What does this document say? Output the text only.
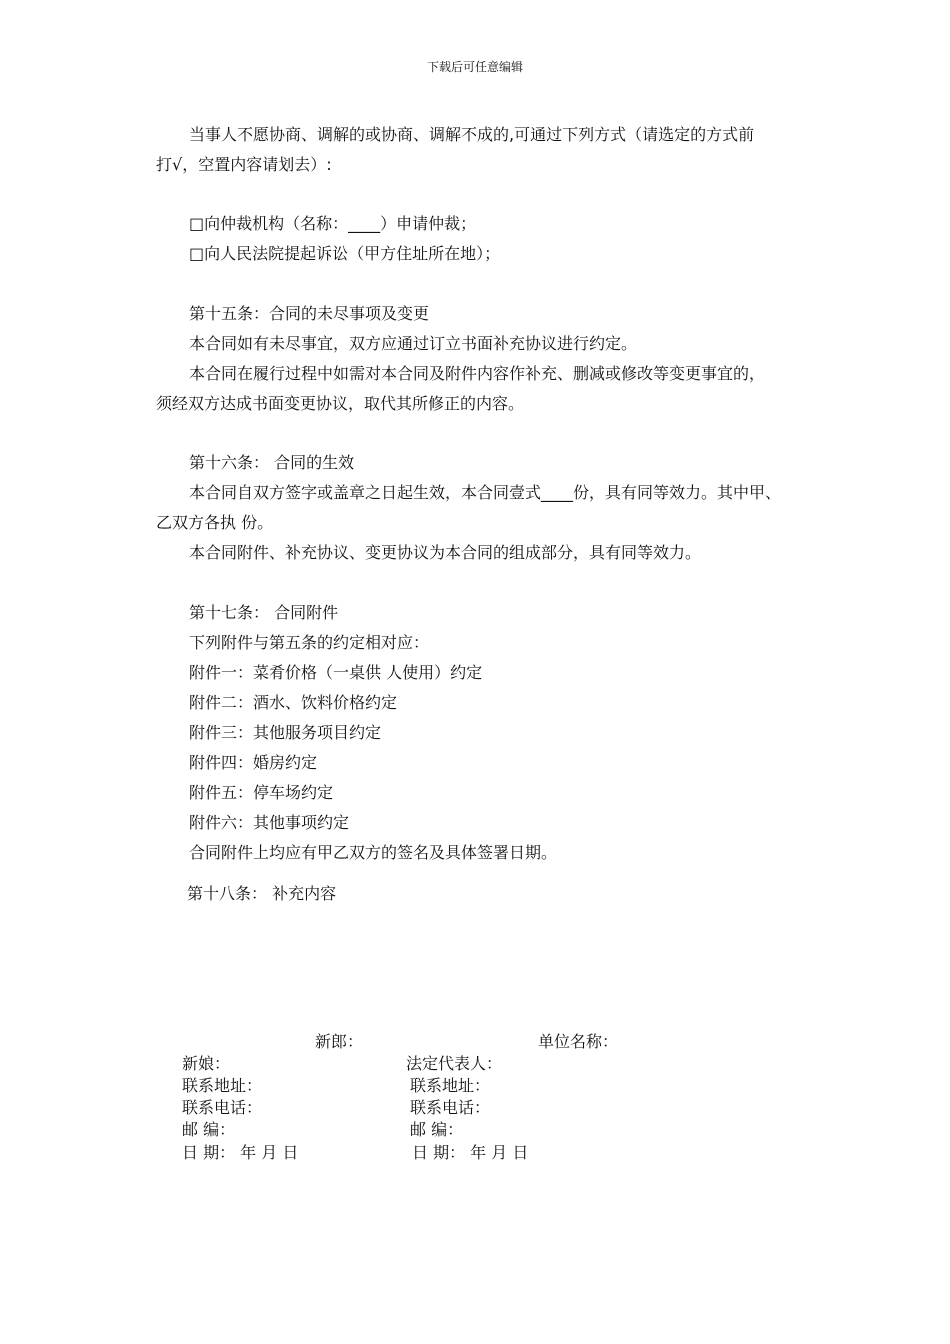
下载后可任意编辑
当事人不愿协商、调解的或协商、调解不成的,可通过下列方式（请选定的方式前
打√，空置内容请划去）:
□向仲裁机构（名称：____）申请仲裁；
□向人民法院提起诉讼（甲方住址所在地）；
第十五条：合同的未尽事项及变更
本合同如有未尽事宜，双方应通过订立书面补充协议进行约定。
本合同在履行过程中如需对本合同及附件内容作补充、删减或修改等变更事宜的，
须经双方达成书面变更协议，取代其所修正的内容。
第十六条： 合同的生效
本合同自双方签字或盖章之日起生效，本合同壹式____份，具有同等效力。其中甲、
乙双方各执 份。
本合同附件、补充协议、变更协议为本合同的组成部分，具有同等效力。
第十七条： 合同附件
下列附件与第五条的约定相对应：
附件一：菜肴价格（一桌供 人使用）约定
附件二：酒水、饮料价格约定
附件三：其他服务项目约定
附件四：婚房约定
附件五：停车场约定
附件六：其他事项约定
合同附件上均应有甲乙双方的签名及具体签署日期。
第十八条： 补充内容
新郎：	单位名称：
新娘：
联系地址：
联系电话：
邮 编：
日 期： 年 月 日
法定代表人：
联系地址：
联系电话：
邮 编：
日 期： 年 月 日
